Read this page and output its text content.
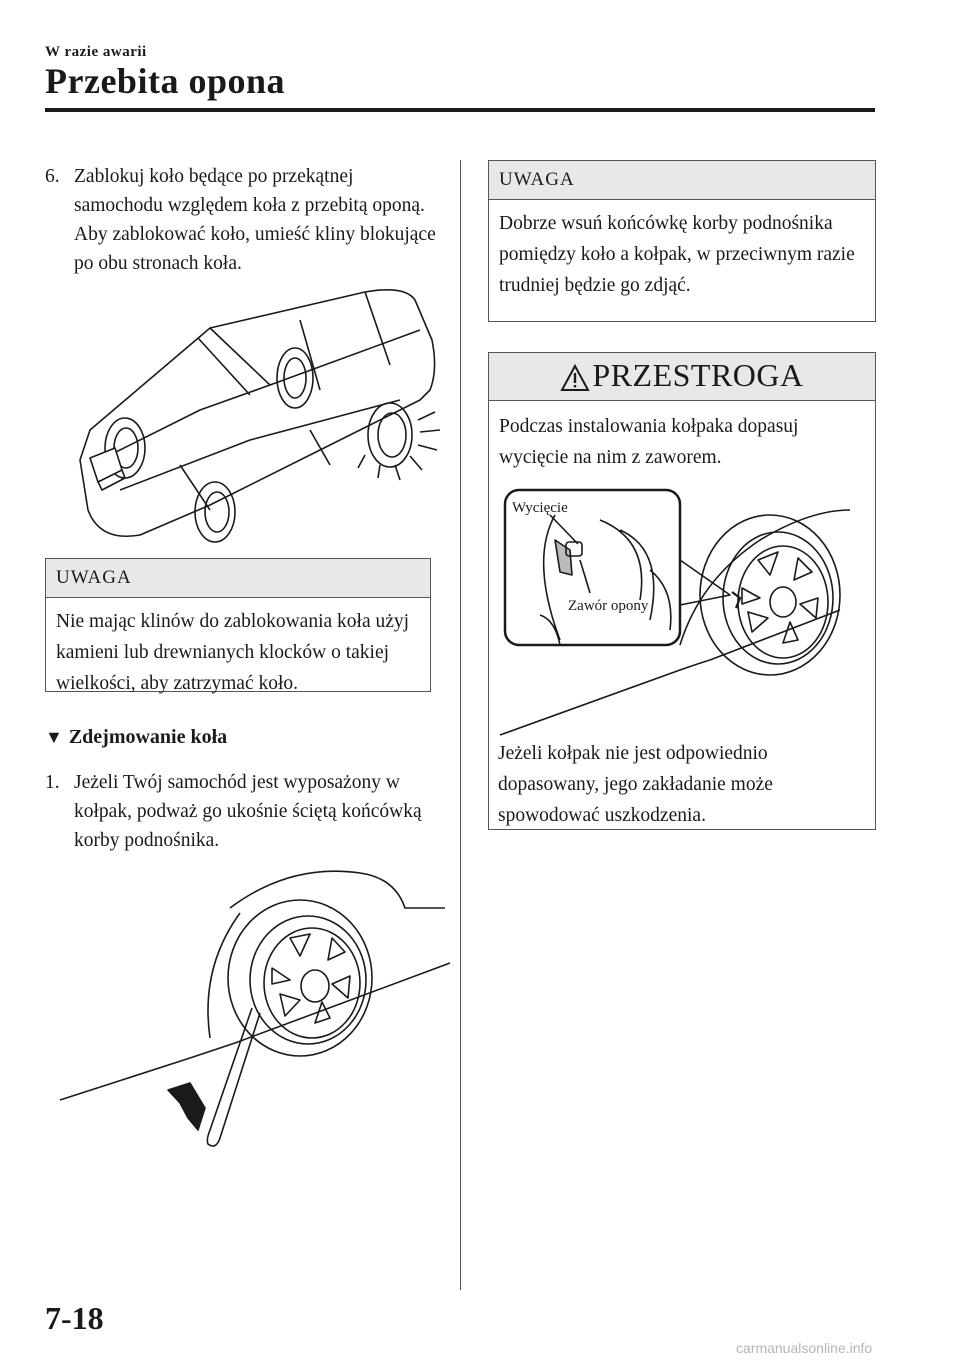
W razie awarii
Przebita opona
6. Zablokuj koło będące po przekątnej samochodu względem koła z przebitą oponą. Aby zablokować koło, umieść kliny blokujące po obu stronach koła.
UWAGA
Nie mając klinów do zablokowania koła użyj kamieni lub drewnianych klocków o takiej wielkości, aby zatrzymać koło.
▼ Zdejmowanie koła
1. Jeżeli Twój samochód jest wyposażony w kołpak, podważ go ukośnie ściętą końcówką korby podnośnika.
UWAGA
Dobrze wsuń końcówkę korby podnośnika pomiędzy koło a kołpak, w przeciwnym razie trudniej będzie go zdjąć.
PRZESTROGA
Podczas instalowania kołpaka dopasuj wycięcie na nim z zaworem.
Wycięcie
Zawór opony
Jeżeli kołpak nie jest odpowiednio dopasowany, jego zakładanie może spowodować uszkodzenia.
7-18
carmanualsonline.info
